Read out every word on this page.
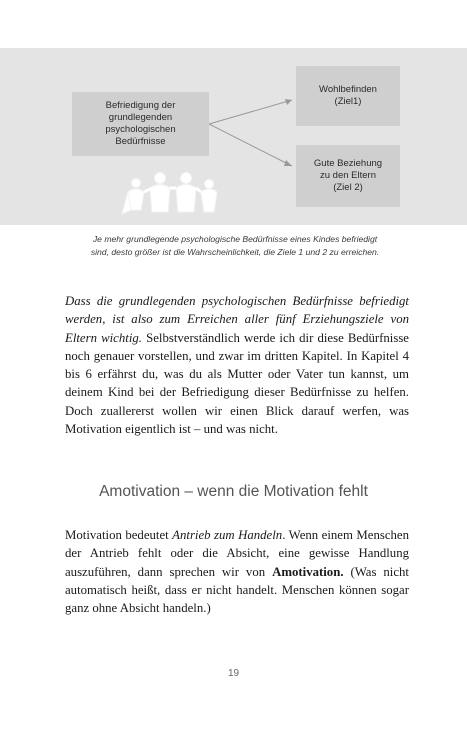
Befriedigung der
grundlegenden
psychologischen
Bedürfnisse
Wohlbefinden
(Ziel1)
Gute Beziehung
zu den Eltern
(Ziel 2)
Je mehr grundlegende psychologische Bedürfnisse eines Kindes befriedigt
sind, desto größer ist die Wahrscheinlichkeit, die Ziele 1 und 2 zu erreichen.
Dass die grundlegenden psychologischen Bedürfnisse befriedigt werden, ist also zum Erreichen aller fünf Erziehungsziele von Eltern wichtig. Selbstverständlich werde ich dir diese Bedürfnisse noch genauer vorstellen, und zwar im dritten Kapitel. In Kapitel 4 bis 6 erfährst du, was du als Mutter oder Vater tun kannst, um deinem Kind bei der Befriedigung dieser Bedürfnisse zu helfen. Doch zuallererst wollen wir einen Blick darauf werfen, was Motivation eigentlich ist – und was nicht.
Amotivation – wenn die Motivation fehlt
Motivation bedeutet Antrieb zum Handeln. Wenn einem Menschen der Antrieb fehlt oder die Absicht, eine gewisse Handlung auszuführen, dann sprechen wir von Amotivation. (Was nicht automatisch heißt, dass er nicht handelt. Menschen können sogar ganz ohne Absicht handeln.)
19
